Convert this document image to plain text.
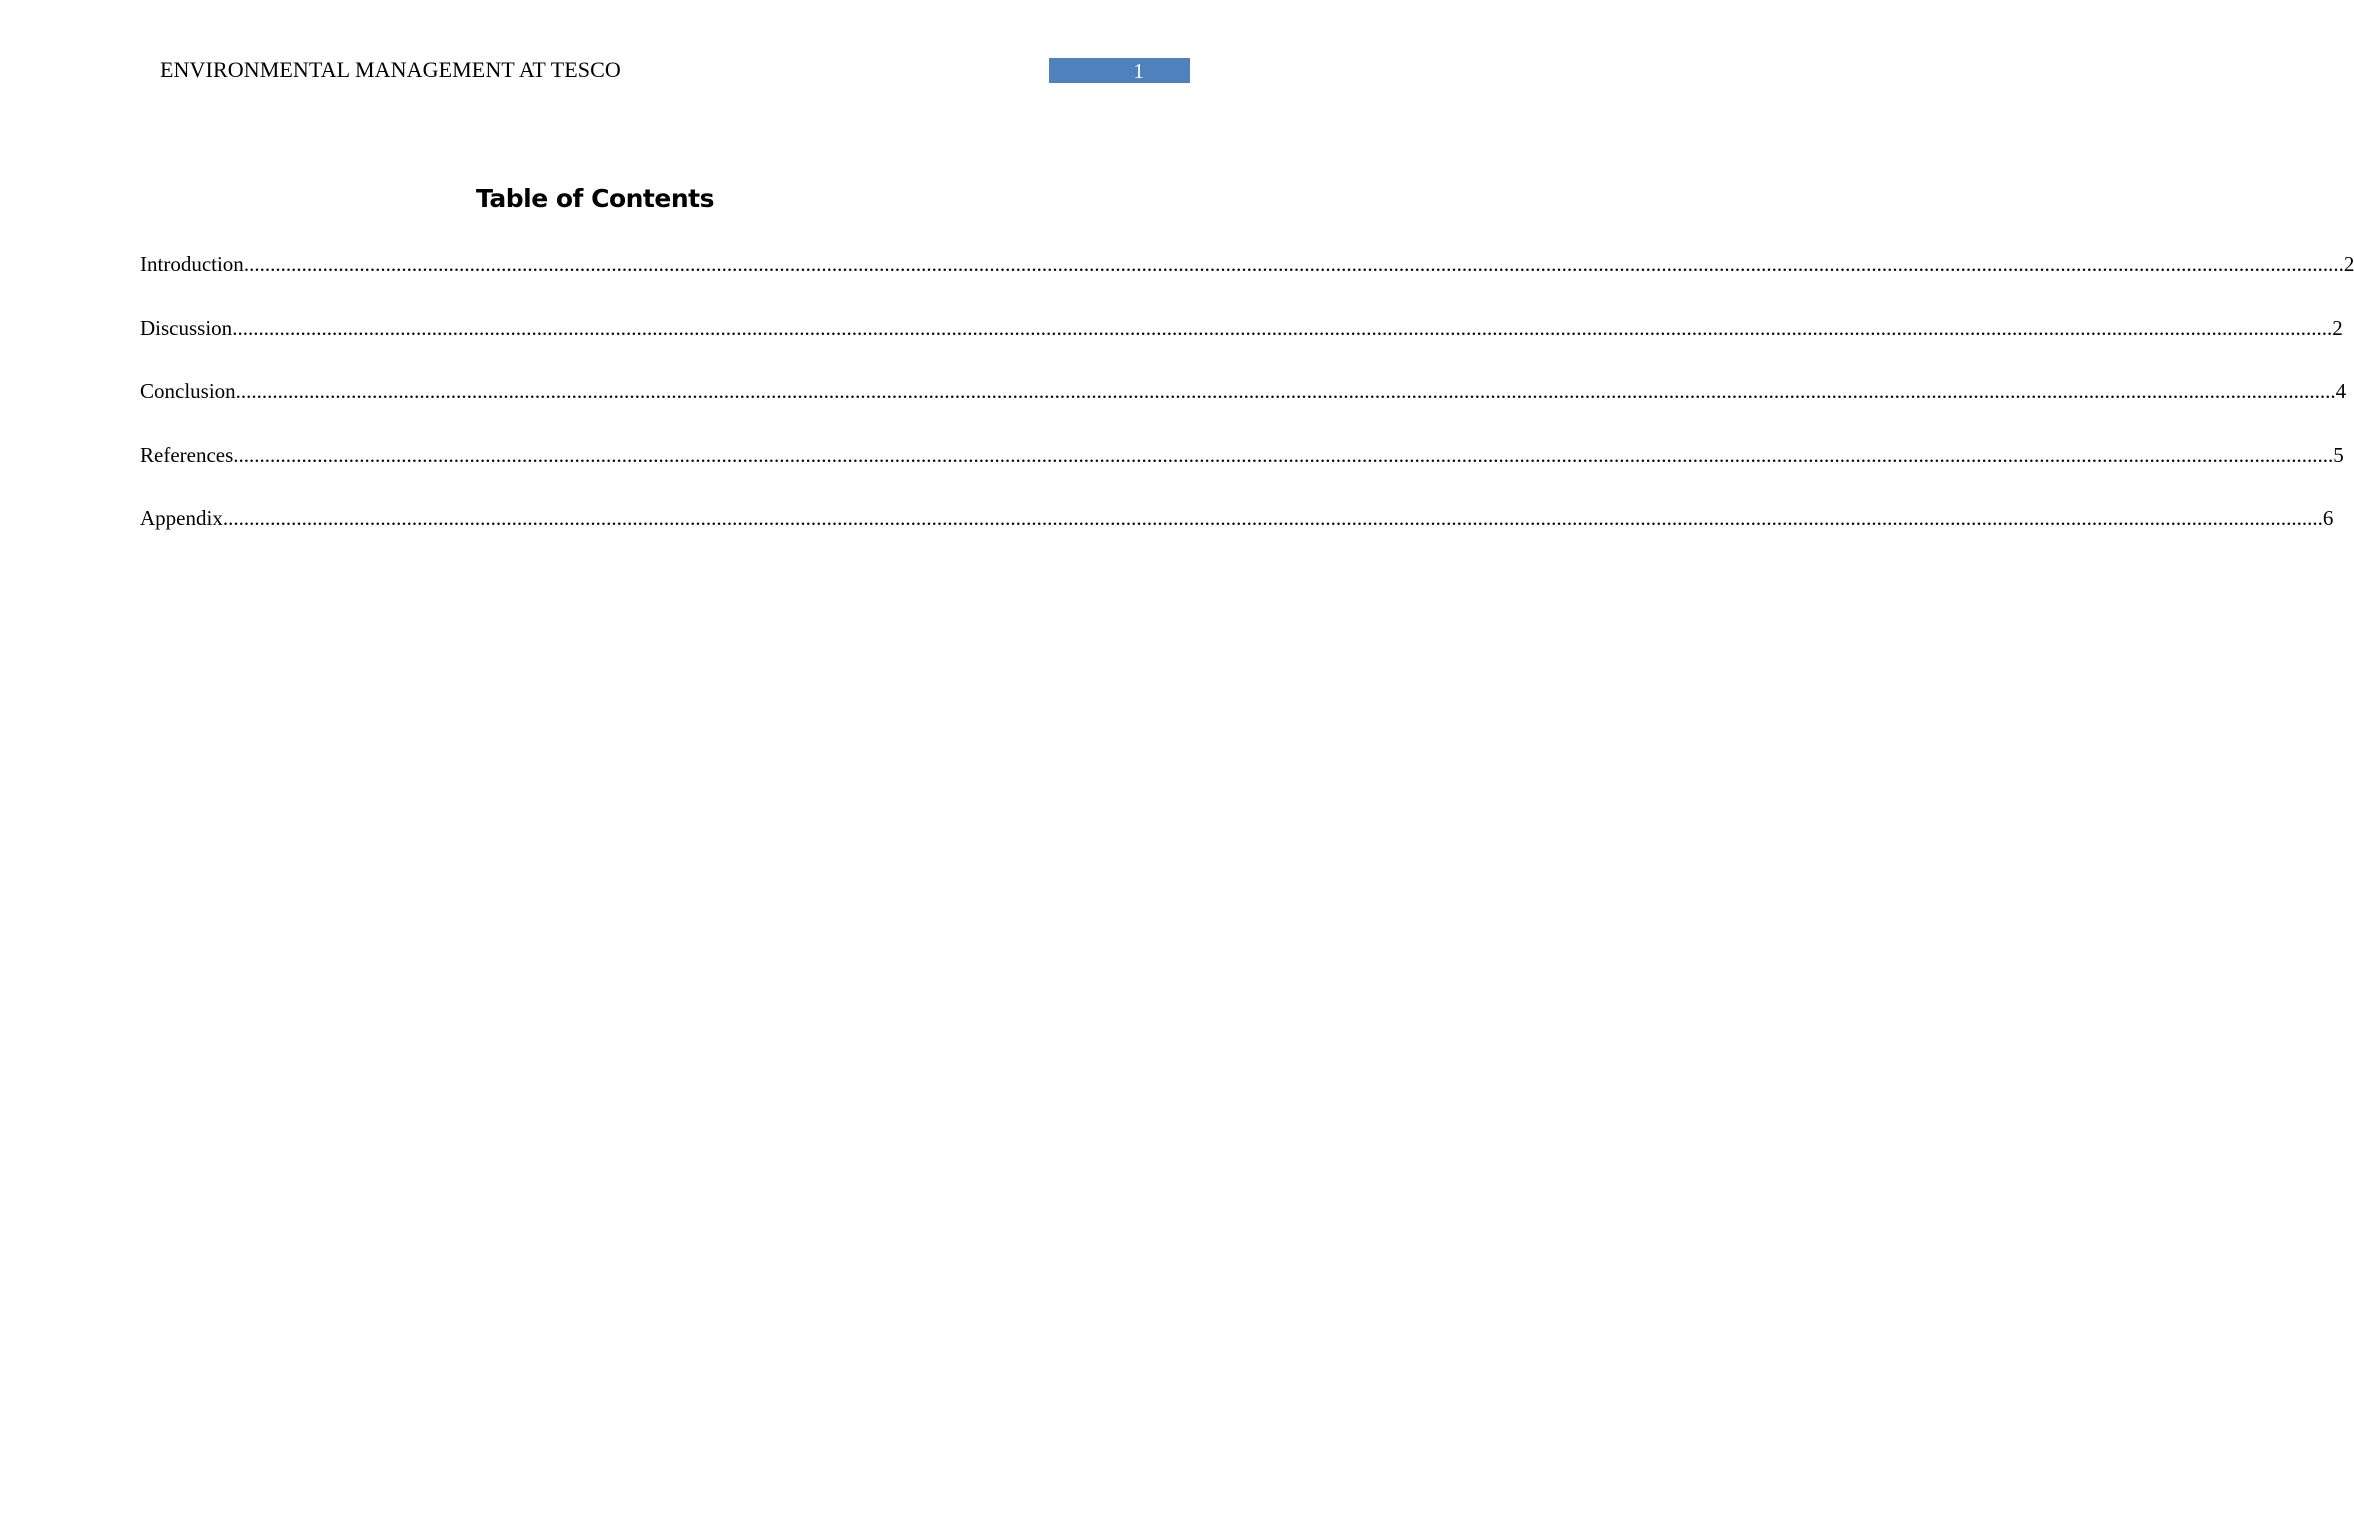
ENVIRONMENTAL MANAGEMENT AT TESCO	1
Table of Contents
Introduction ................................................................................................................................................................................................................................................................................................................................................................................................................ 2
Discussion ................................................................................................................................................................................................................................................................................................................................................................................................................ 2
Conclusion ................................................................................................................................................................................................................................................................................................................................................................................................................ 4
References ................................................................................................................................................................................................................................................................................................................................................................................................................ 5
Appendix ................................................................................................................................................................................................................................................................................................................................................................................................................ 6
